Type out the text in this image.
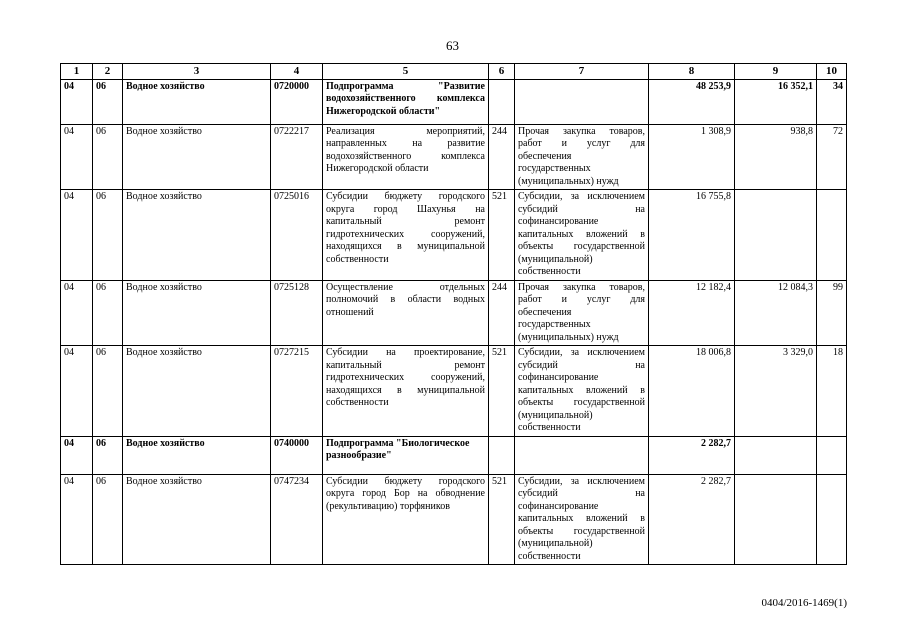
63
1	2	3	4	5	6	7	8	9	10
04	06	Водное хозяйство	0720000	Подпрограмма "Развитие водохозяйственного комплекса Нижегородской области"			48 253,9	16 352,1	34
04	06	Водное хозяйство	0722217	Реализация мероприятий, направленных на развитие водохозяйственного комплекса Нижегородской области	244	Прочая закупка товаров, работ и услуг для обеспечения государственных (муниципальных) нужд	1 308,9	938,8	72
04	06	Водное хозяйство	0725016	Субсидии бюджету городского округа город Шахунья на капитальный ремонт гидротехнических сооружений, находящихся в муниципальной собственности	521	Субсидии, за исключением субсидий на софинансирование капитальных вложений в объекты государственной (муниципальной) собственности	16 755,8		
04	06	Водное хозяйство	0725128	Осуществление отдельных полномочий в области водных отношений	244	Прочая закупка товаров, работ и услуг для обеспечения государственных (муниципальных) нужд	12 182,4	12 084,3	99
04	06	Водное хозяйство	0727215	Субсидии на проектирование, капитальный ремонт гидротехнических сооружений, находящихся в муниципальной собственности	521	Субсидии, за исключением субсидий на софинансирование капитальных вложений в объекты государственной (муниципальной) собственности	18 006,8	3 329,0	18
04	06	Водное хозяйство	0740000	Подпрограмма "Биологическое разнообразие"			2 282,7		
04	06	Водное хозяйство	0747234	Субсидии бюджету городского округа город Бор на обводнение (рекультивацию) торфяников	521	Субсидии, за исключением субсидий на софинансирование капитальных вложений в объекты государственной (муниципальной) собственности	2 282,7		
0404/2016-1469(1)
